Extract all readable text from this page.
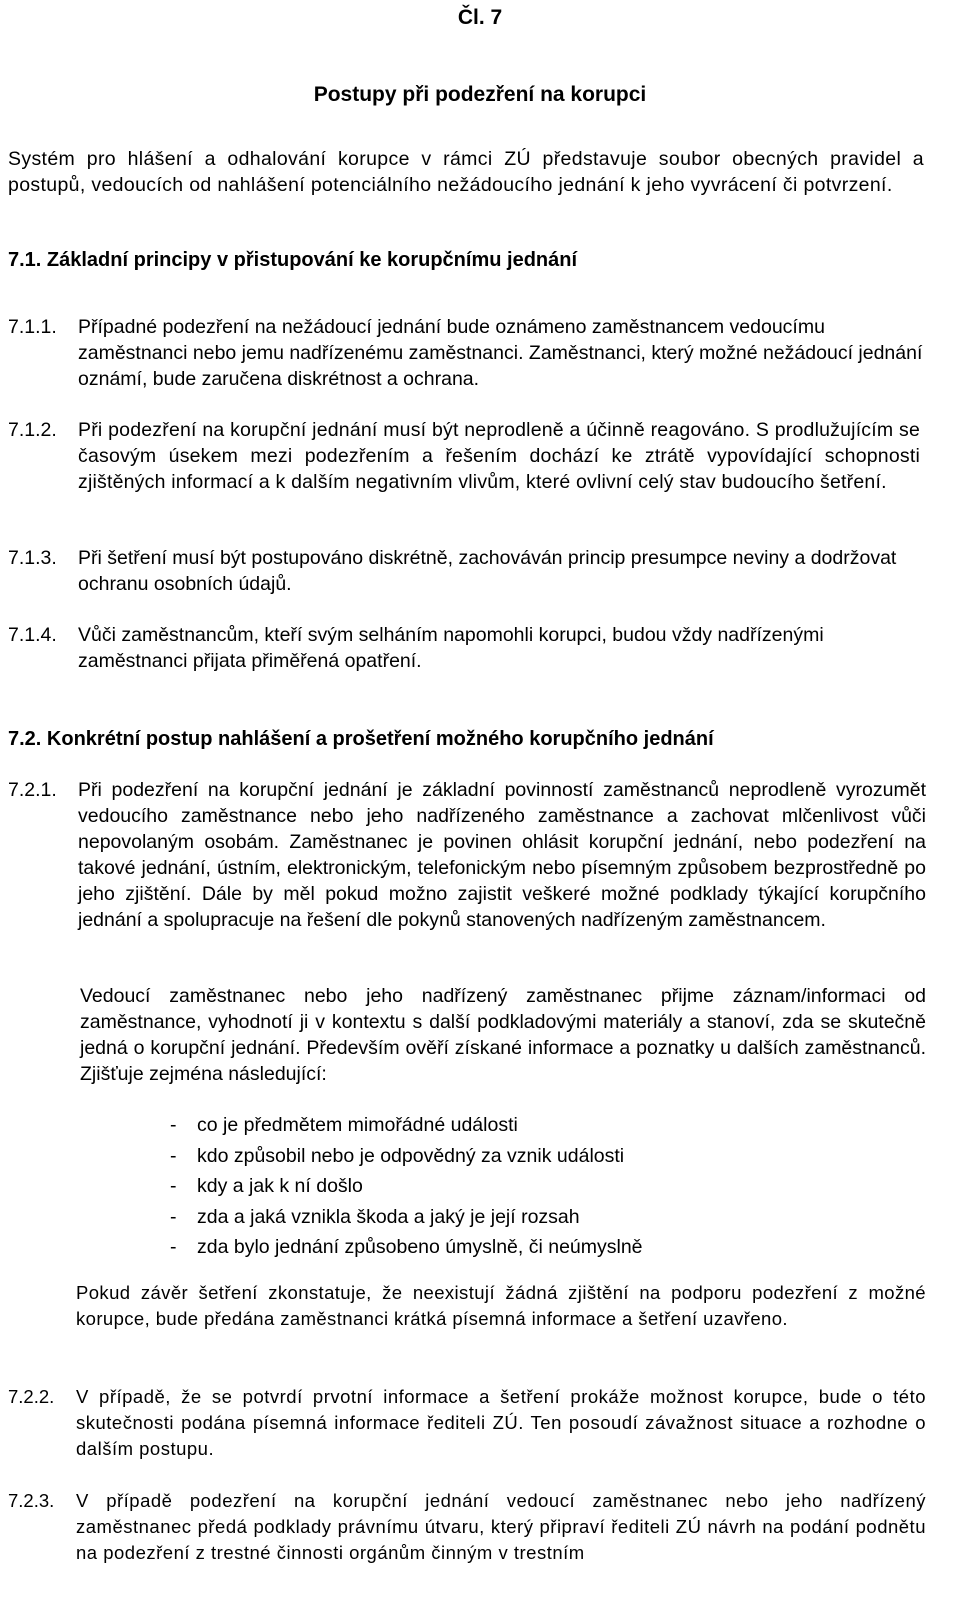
Čl. 7
Postupy při podezření na korupci
Systém pro hlášení a odhalování korupce v rámci ZÚ představuje soubor obecných pravidel a postupů, vedoucích od nahlášení potenciálního nežádoucího jednání k jeho vyvrácení či potvrzení.
7.1. Základní principy v přistupování ke korupčnímu jednání
7.1.1. Případné podezření na nežádoucí jednání bude oznámeno zaměstnancem vedoucímu zaměstnanci nebo jemu nadřízenému zaměstnanci. Zaměstnanci, který možné nežádoucí jednání oznámí, bude zaručena diskrétnost a ochrana.
7.1.2. Při podezření na korupční jednání musí být neprodleně a účinně reagováno. S prodlužujícím se časovým úsekem mezi podezřením a řešením dochází ke ztrátě vypovídající schopnosti zjištěných informací a k dalším negativním vlivům, které ovlivní celý stav budoucího šetření.
7.1.3. Při šetření musí být postupováno diskrétně, zachováván princip presumpce neviny a dodržovat ochranu osobních údajů.
7.1.4. Vůči zaměstnancům, kteří svým selháním napomohli korupci, budou vždy nadřízenými zaměstnanci přijata přiměřená opatření.
7.2. Konkrétní postup nahlášení a prošetření možného korupčního jednání
7.2.1. Při podezření na korupční jednání je základní povinností zaměstnanců neprodleně vyrozumět vedoucího zaměstnance nebo jeho nadřízeného zaměstnance a zachovat mlčenlivost vůči nepovolaným osobám. Zaměstnanec je povinen ohlásit korupční jednání, nebo podezření na takové jednání, ústním, elektronickým, telefonickým nebo písemným způsobem bezprostředně po jeho zjištění. Dále by měl pokud možno zajistit veškeré možné podklady týkající korupčního jednání a spolupracuje na řešení dle pokynů stanovených nadřízeným zaměstnancem.
Vedoucí zaměstnanec nebo jeho nadřízený zaměstnanec přijme záznam/informaci od zaměstnance, vyhodnotí ji v kontextu s další podkladovými materiály a stanoví, zda se skutečně jedná o korupční jednání. Především ověří získané informace a poznatky u dalších zaměstnanců. Zjišťuje zejména následující:
-	co je předmětem mimořádné události
-	kdo způsobil nebo je odpovědný za vznik události
-	kdy a jak k ní došlo
-	zda a jaká vznikla škoda a jaký je její rozsah
-	zda bylo jednání způsobeno úmyslně, či neúmyslně
Pokud závěr šetření zkonstatuje, že neexistují žádná zjištění na podporu podezření z možné korupce, bude předána zaměstnanci krátká písemná informace a šetření uzavřeno.
7.2.2. V případě, že se potvrdí prvotní informace a šetření prokáže možnost korupce, bude o této skutečnosti podána písemná informace řediteli ZÚ. Ten posoudí závažnost situace a rozhodne o dalším postupu.
7.2.3. V případě podezření na korupční jednání vedoucí zaměstnanec nebo jeho nadřízený zaměstnanec předá podklady právnímu útvaru, který připraví řediteli ZÚ návrh na podání podnětu na podezření z trestné činnosti orgánům činným v trestním
